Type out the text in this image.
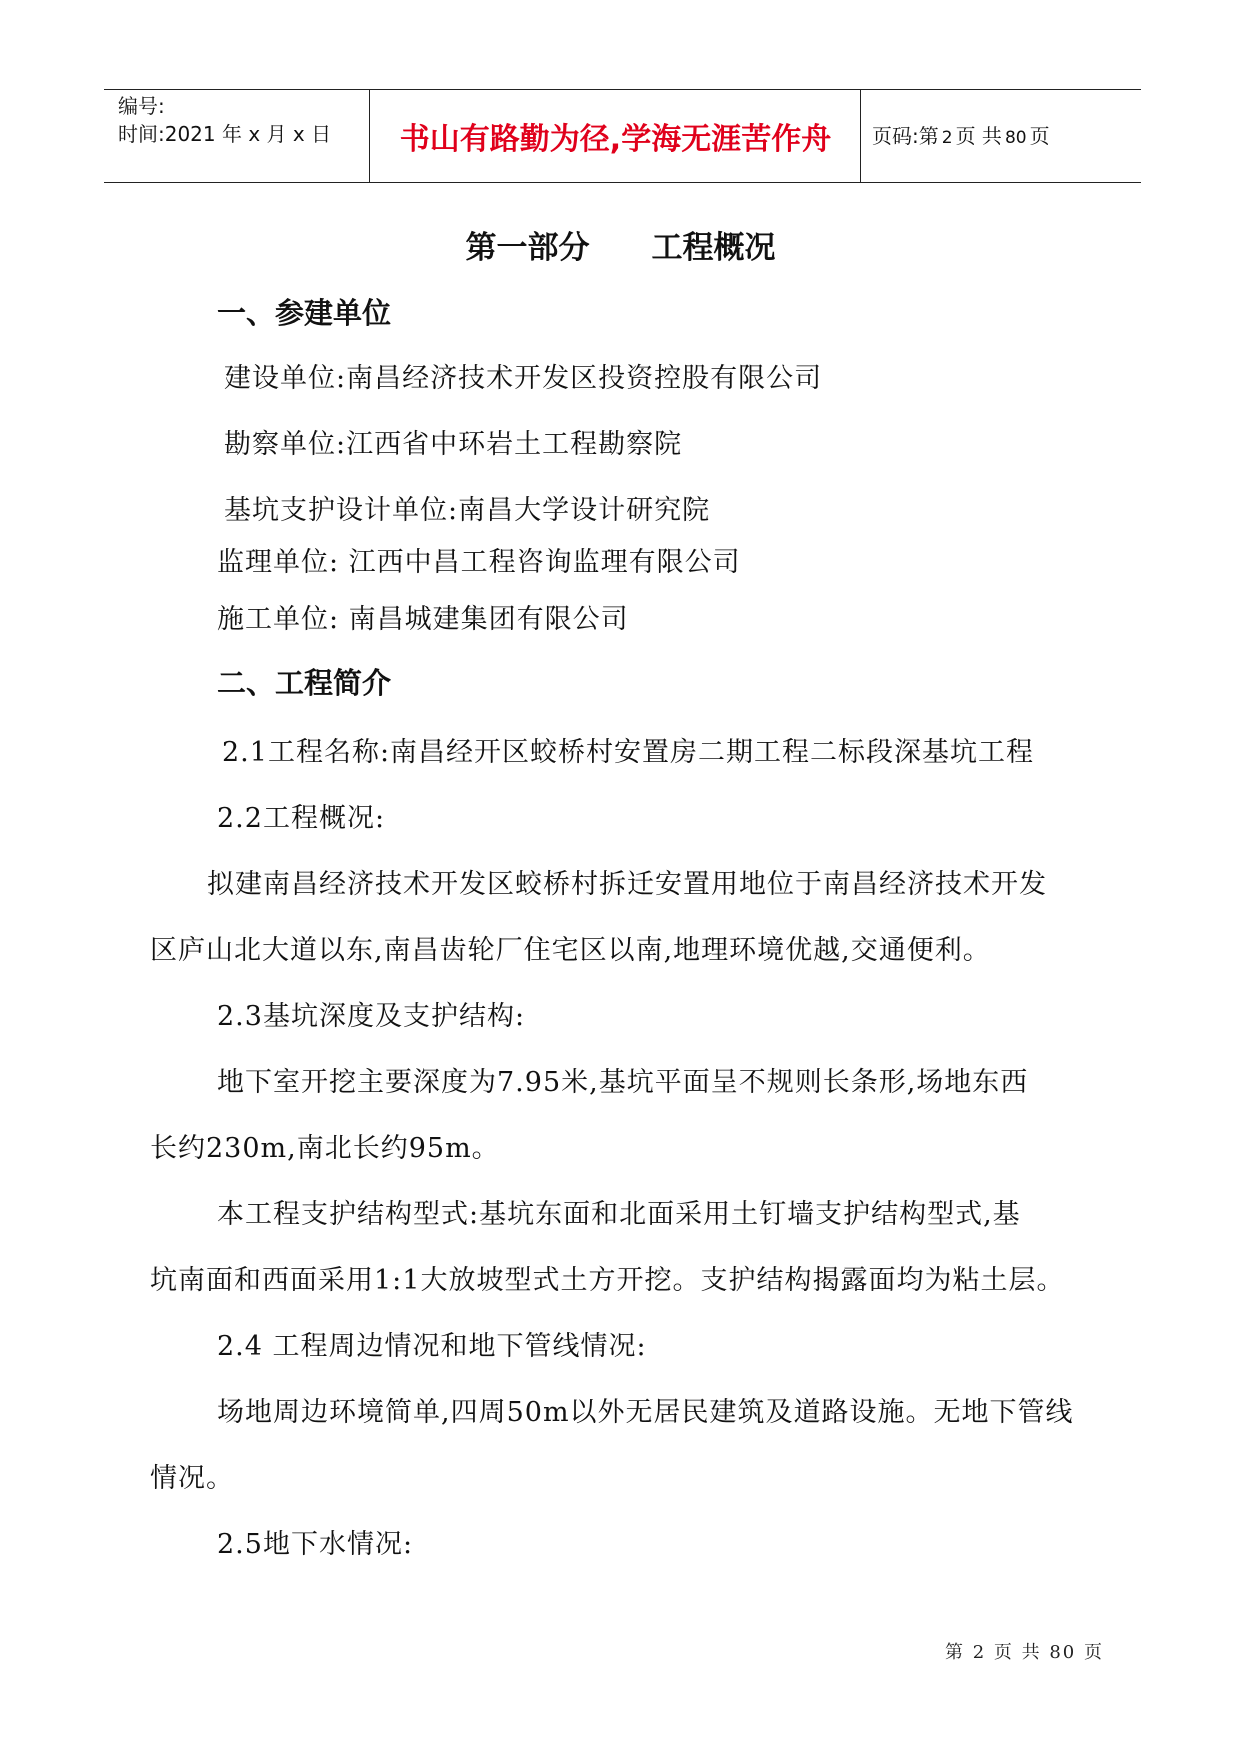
编号:
时间:2021 年 x 月 x 日	书山有路勤为径,学海无涯苦作舟	页码:第 2 页 共 80 页
第一部分 工程概况
一、参建单位
建设单位:南昌经济技术开发区投资控股有限公司
勘察单位:江西省中环岩土工程勘察院
基坑支护设计单位:南昌大学设计研究院
监理单位: 江西中昌工程咨询监理有限公司
施工单位: 南昌城建集团有限公司
二、工程简介
2.1工程名称:南昌经开区蛟桥村安置房二期工程二标段深基坑工程
2.2工程概况:
拟建南昌经济技术开发区蛟桥村拆迁安置用地位于南昌经济技术开发
区庐山北大道以东,南昌齿轮厂住宅区以南,地理环境优越,交通便利。
2.3基坑深度及支护结构:
地下室开挖主要深度为7.95米,基坑平面呈不规则长条形,场地东西
长约230m,南北长约95m。
本工程支护结构型式:基坑东面和北面采用土钉墙支护结构型式,基
坑南面和西面采用1:1大放坡型式土方开挖。支护结构揭露面均为粘土层。
2.4 工程周边情况和地下管线情况:
场地周边环境简单,四周50m以外无居民建筑及道路设施。无地下管线
情况。
2.5地下水情况:
第 2 页 共 80 页
